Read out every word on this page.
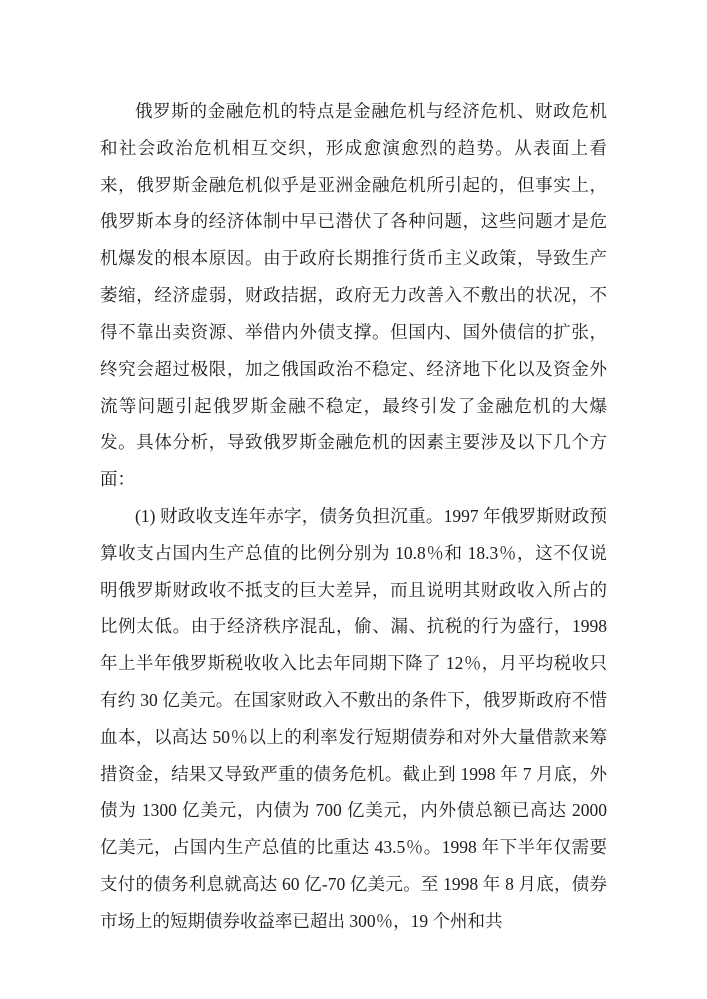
俄罗斯的金融危机的特点是金融危机与经济危机、财政危机和社会政治危机相互交织，形成愈演愈烈的趋势。从表面上看来，俄罗斯金融危机似乎是亚洲金融危机所引起的，但事实上，俄罗斯本身的经济体制中早已潜伏了各种问题，这些问题才是危机爆发的根本原因。由于政府长期推行货币主义政策，导致生产萎缩，经济虚弱，财政拮据，政府无力改善入不敷出的状况，不得不靠出卖资源、举借内外债支撑。但国内、国外债信的扩张，终究会超过极限，加之俄国政治不稳定、经济地下化以及资金外流等问题引起俄罗斯金融不稳定，最终引发了金融危机的大爆发。具体分析，导致俄罗斯金融危机的因素主要涉及以下几个方面：

(1) 财政收支连年赤字，债务负担沉重。1997 年俄罗斯财政预算收支占国内生产总值的比例分别为 10.8％和 18.3％，这不仅说明俄罗斯财政收不抵支的巨大差异，而且说明其财政收入所占的比例太低。由于经济秩序混乱，偷、漏、抗税的行为盛行，1998 年上半年俄罗斯税收收入比去年同期下降了 12％，月平均税收只有约 30 亿美元。在国家财政入不敷出的条件下，俄罗斯政府不惜血本，以高达 50％以上的利率发行短期债券和对外大量借款来筹措资金，结果又导致严重的债务危机。截止到 1998 年 7 月底，外债为 1300 亿美元，内债为 700 亿美元，内外债总额已高达 2000 亿美元，占国内生产总值的比重达 43.5％。1998 年下半年仅需要支付的债务利息就高达 60 亿-70 亿美元。至 1998 年 8 月底，债券市场上的短期债券收益率已超出 300％，19 个州和共
